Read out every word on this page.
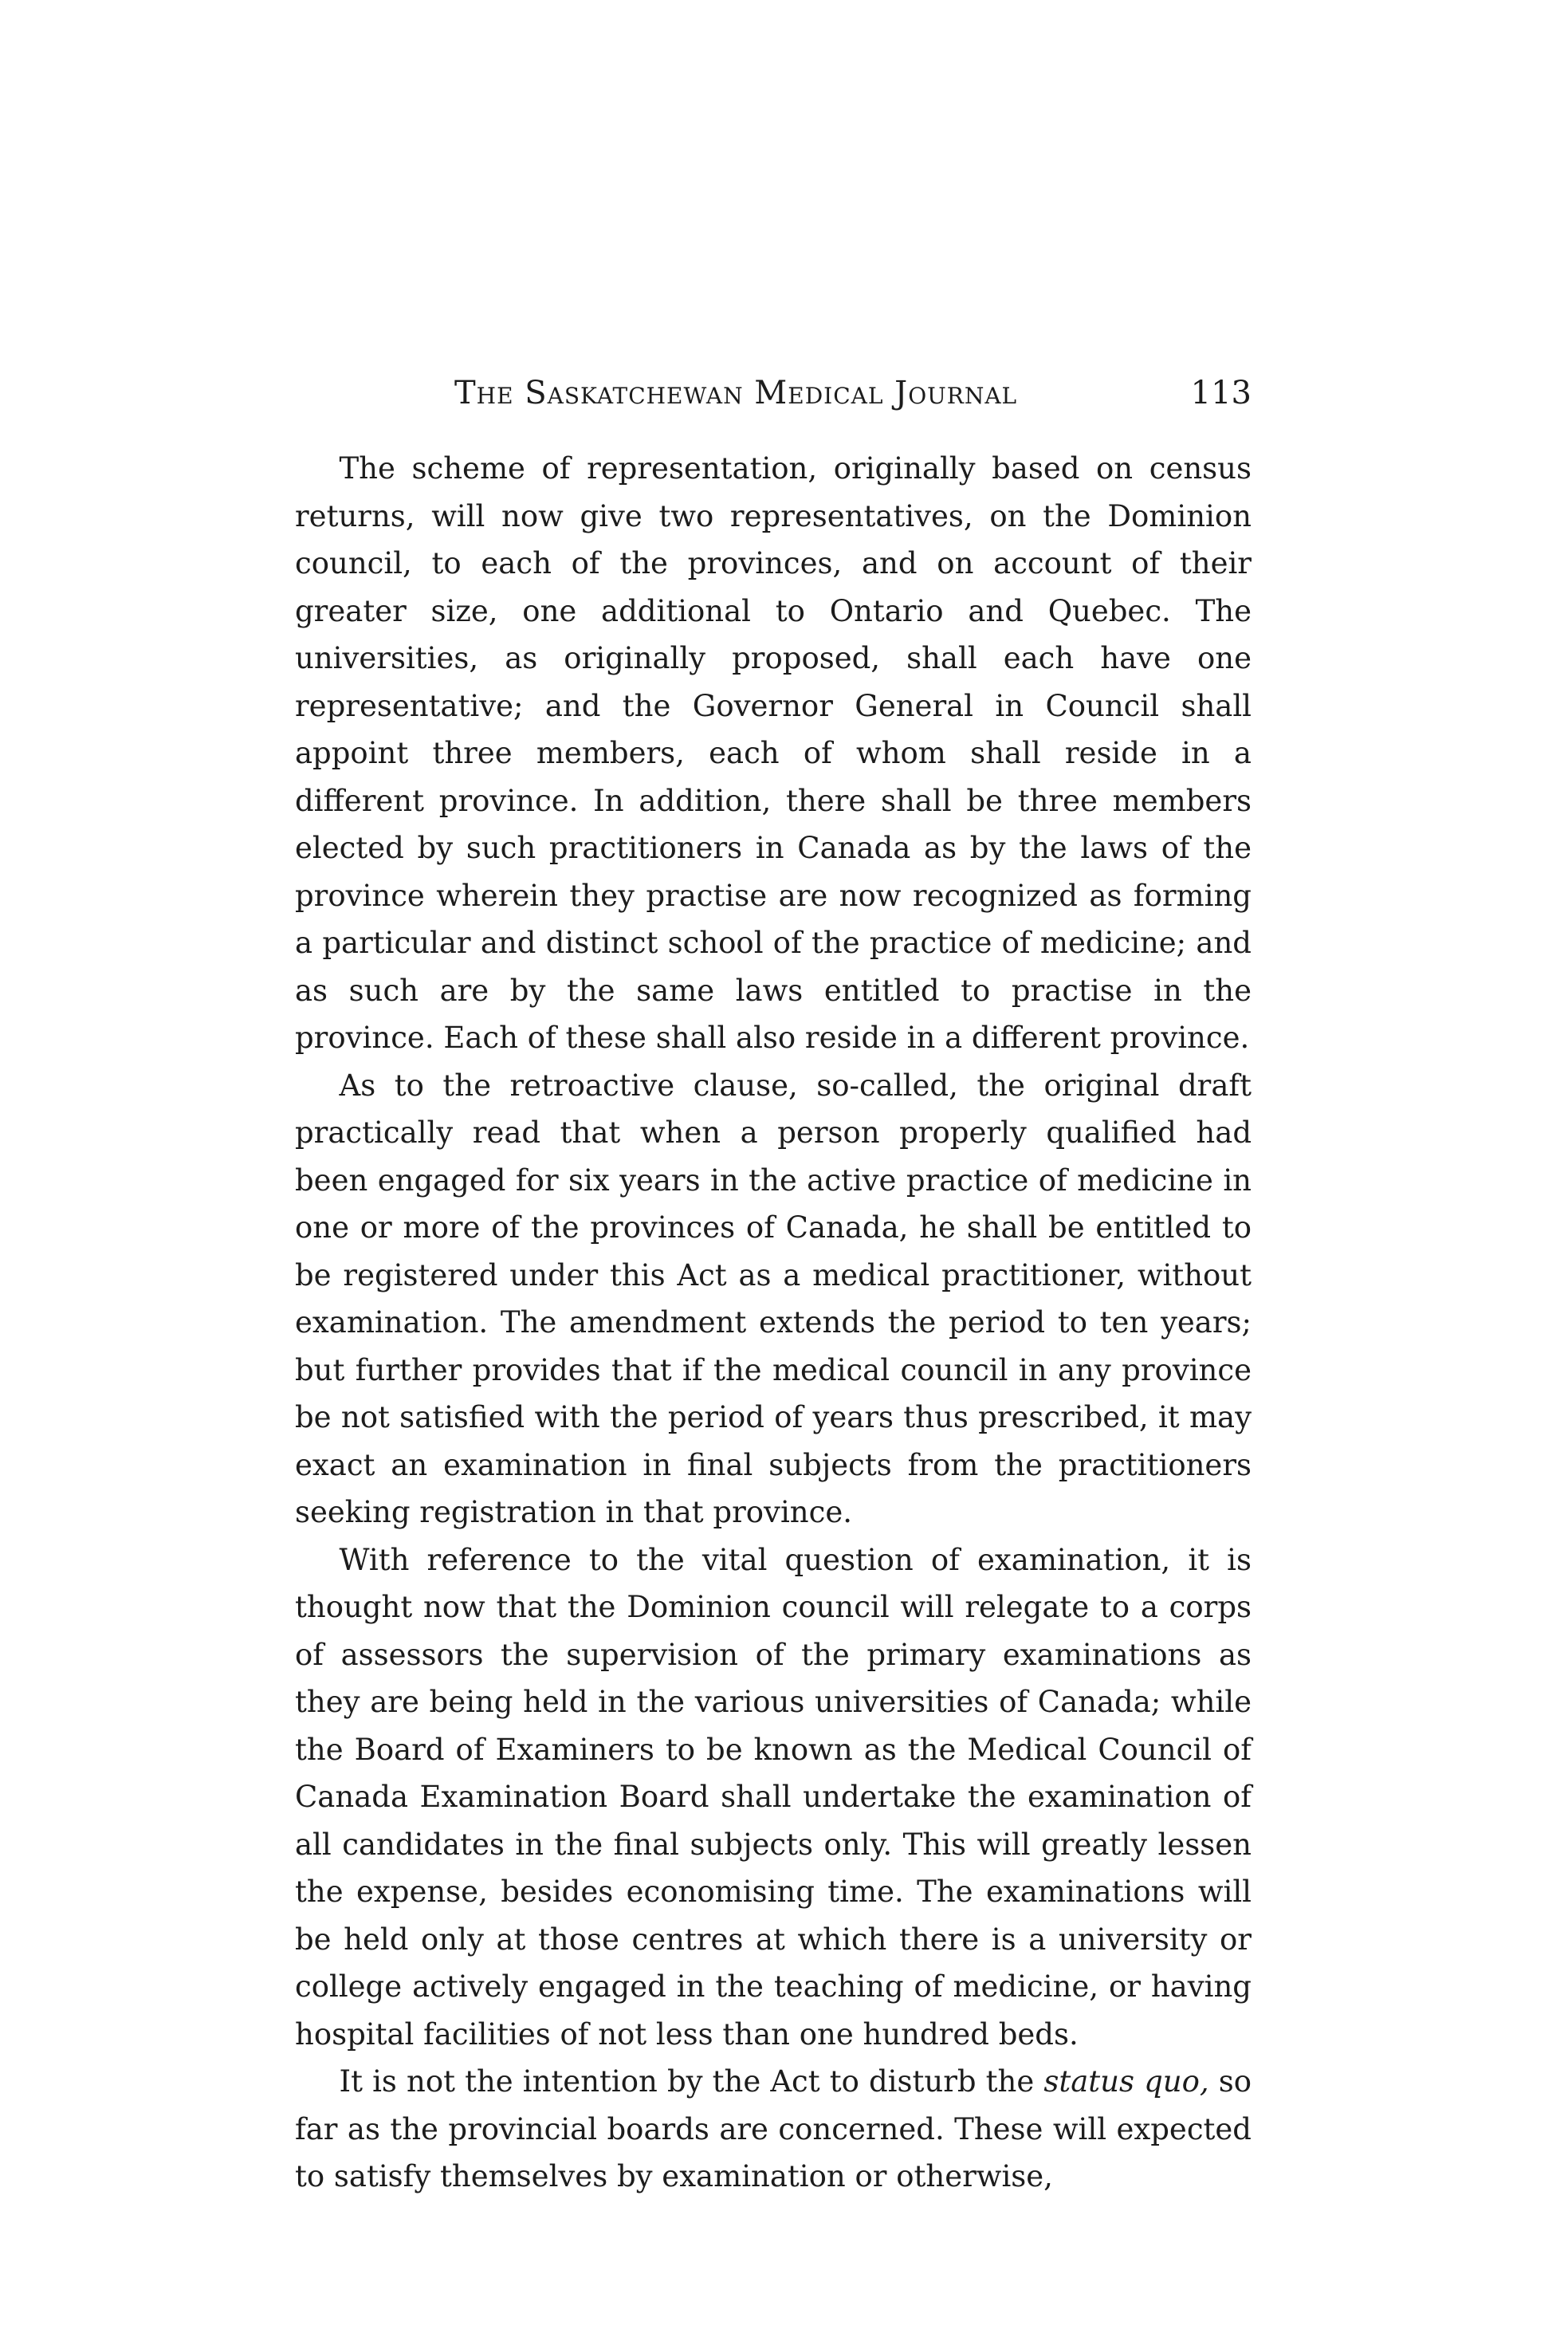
The Saskatchewan Medical Journal	113

The scheme of representation, originally based on census returns, will now give two representatives, on the Dominion council, to each of the provinces, and on account of their greater size, one additional to Ontario and Quebec. The universities, as originally proposed, shall each have one representative; and the Governor General in Council shall appoint three members, each of whom shall reside in a different province. In addition, there shall be three members elected by such practitioners in Canada as by the laws of the province wherein they practise are now recognized as forming a particular and distinct school of the practice of medicine; and as such are by the same laws entitled to practise in the province. Each of these shall also reside in a different province.

As to the retroactive clause, so-called, the original draft practically read that when a person properly qualified had been engaged for six years in the active practice of medicine in one or more of the provinces of Canada, he shall be entitled to be registered under this Act as a medical practitioner, without examination. The amendment extends the period to ten years; but further provides that if the medical council in any province be not satisfied with the period of years thus prescribed, it may exact an examination in final subjects from the practitioners seeking registration in that province.

With reference to the vital question of examination, it is thought now that the Dominion council will relegate to a corps of assessors the supervision of the primary examinations as they are being held in the various universities of Canada; while the Board of Examiners to be known as the Medical Council of Canada Examination Board shall undertake the examination of all candidates in the final subjects only. This will greatly lessen the expense, besides economising time. The examinations will be held only at those centres at which there is a university or college actively engaged in the teaching of medicine, or having hospital facilities of not less than one hundred beds.

It is not the intention by the Act to disturb the status quo, so far as the provincial boards are concerned. These will expected to satisfy themselves by examination or otherwise,
